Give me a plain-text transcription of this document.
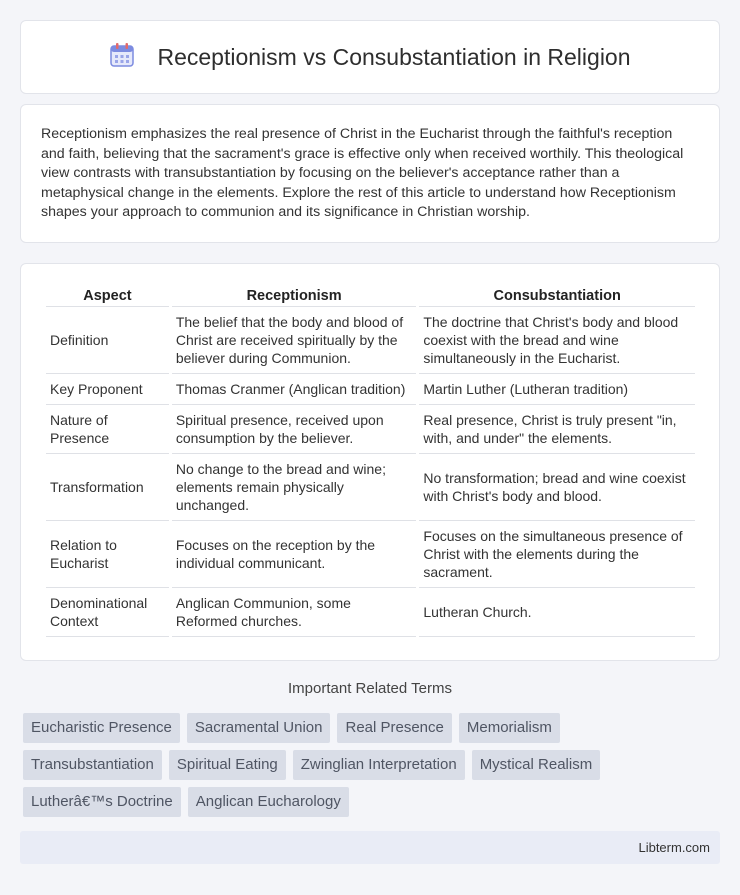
Receptionism vs Consubstantiation in Religion

Receptionism emphasizes the real presence of Christ in the Eucharist through the faithful's reception and faith, believing that the sacrament's grace is effective only when received worthily. This theological view contrasts with transubstantiation by focusing on the believer's acceptance rather than a metaphysical change in the elements. Explore the rest of this article to understand how Receptionism shapes your approach to communion and its significance in Christian worship.

Aspect	Receptionism	Consubstantiation
Definition	The belief that the body and blood of Christ are received spiritually by the believer during Communion.	The doctrine that Christ's body and blood coexist with the bread and wine simultaneously in the Eucharist.
Key Proponent	Thomas Cranmer (Anglican tradition)	Martin Luther (Lutheran tradition)
Nature of Presence	Spiritual presence, received upon consumption by the believer.	Real presence, Christ is truly present "in, with, and under" the elements.
Transformation	No change to the bread and wine; elements remain physically unchanged.	No transformation; bread and wine coexist with Christ's body and blood.
Relation to Eucharist	Focuses on the reception by the individual communicant.	Focuses on the simultaneous presence of Christ with the elements during the sacrament.
Denominational Context	Anglican Communion, some Reformed churches.	Lutheran Church.
Important Related Terms
Eucharistic Presence	Sacramental Union	Real Presence	Memorialism
Transubstantiation	Spiritual Eating	Zwinglian Interpretation	Mystical Realism
Lutherâ€™s Doctrine	Anglican Eucharology
Libterm.com
